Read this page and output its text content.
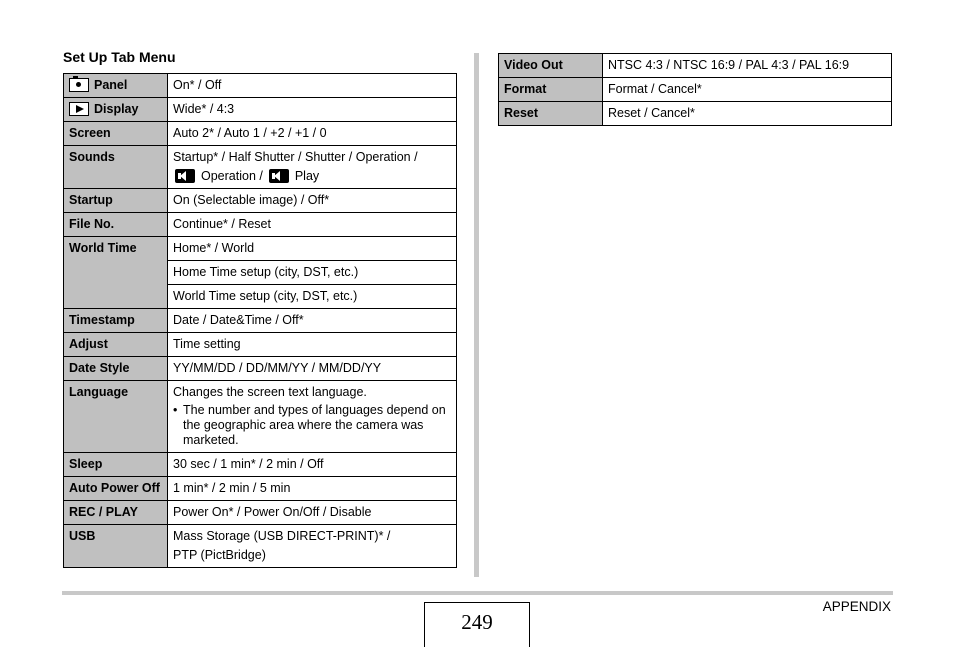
Set Up Tab Menu
Panel	On* / Off
Display	Wide* / 4:3
Screen	Auto 2* / Auto 1 / +2 / +1 / 0
Sounds	Startup* / Half Shutter / Shutter / Operation /
Operation / Play

Startup	On (Selectable image) / Off*
File No.	Continue* / Reset
World Time	Home* / World
	Home Time setup (city, DST, etc.)
	World Time setup (city, DST, etc.)
Timestamp	Date / Date&Time / Off*
Adjust	Time setting
Date Style	YY/MM/DD / DD/MM/YY / MM/DD/YY
Language	Changes the screen text language.
• The number and types of languages depend on the geographic area where the camera was marketed.

Sleep	30 sec / 1 min* / 2 min / Off
Auto Power Off	1 min* / 2 min / 5 min
REC / PLAY	Power On* / Power On/Off / Disable
USB	Mass Storage (USB DIRECT-PRINT)* /
PTP (PictBridge)
Video Out	NTSC 4:3 / NTSC 16:9 / PAL 4:3 / PAL 16:9
Format	Format / Cancel*
Reset	Reset / Cancel*
249
APPENDIX
